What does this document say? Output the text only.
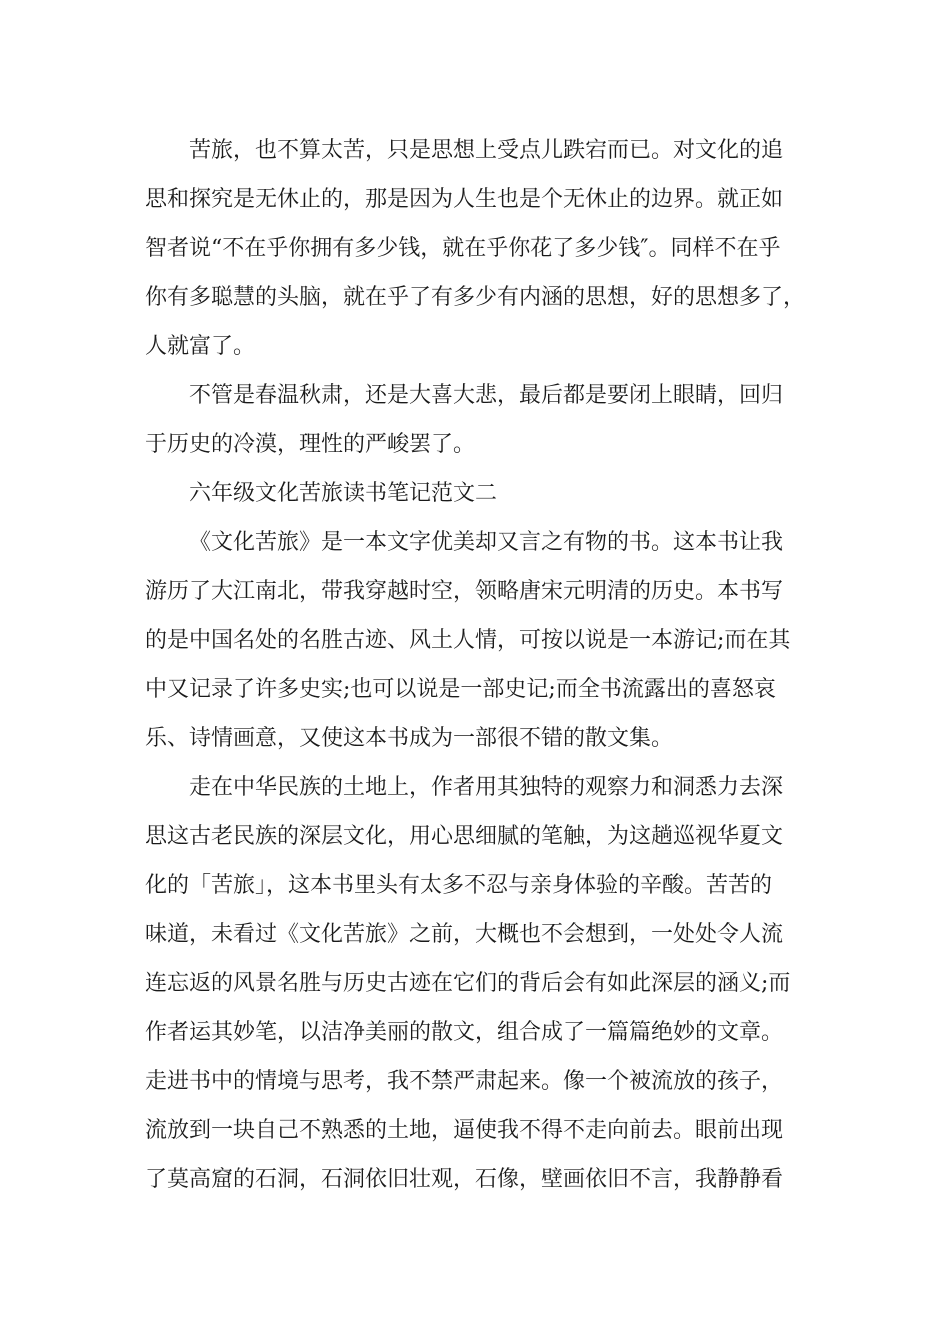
苦旅，也不算太苦，只是思想上受点儿跌宕而已。对文化的追
思和探究是无休止的，那是因为人生也是个无休止的边界。就正如
智者说“不在乎你拥有多少钱，就在乎你花了多少钱″。同样不在乎
你有多聪慧的头脑，就在乎了有多少有内涵的思想，好的思想多了，
人就富了。

不管是春温秋肃，还是大喜大悲，最后都是要闭上眼睛，回归
于历史的冷漠，理性的严峻罢了。

六年级文化苦旅读书笔记范文二

《文化苦旅》是一本文字优美却又言之有物的书。这本书让我
游历了大江南北，带我穿越时空，领略唐宋元明清的历史。本书写
的是中国名处的名胜古迹、风土人情，可按以说是一本游记;而在其
中又记录了许多史实;也可以说是一部史记;而全书流露出的喜怒哀
乐、诗情画意，又使这本书成为一部很不错的散文集。

走在中华民族的土地上，作者用其独特的观察力和洞悉力去深
思这古老民族的深层文化，用心思细腻的笔触，为这趟巡视华夏文
化的「苦旅」，这本书里头有太多不忍与亲身体验的辛酸。苦苦的
味道，未看过《文化苦旅》之前，大概也不会想到，一处处令人流
连忘返的风景名胜与历史古迹在它们的背后会有如此深层的涵义;而
作者运其妙笔，以洁净美丽的散文，组合成了一篇篇绝妙的文章。
走进书中的情境与思考，我不禁严肃起来。像一个被流放的孩子，
流放到一块自己不熟悉的土地，逼使我不得不走向前去。眼前出现
了莫高窟的石洞，石洞依旧壮观，石像，壁画依旧不言，我静静看
